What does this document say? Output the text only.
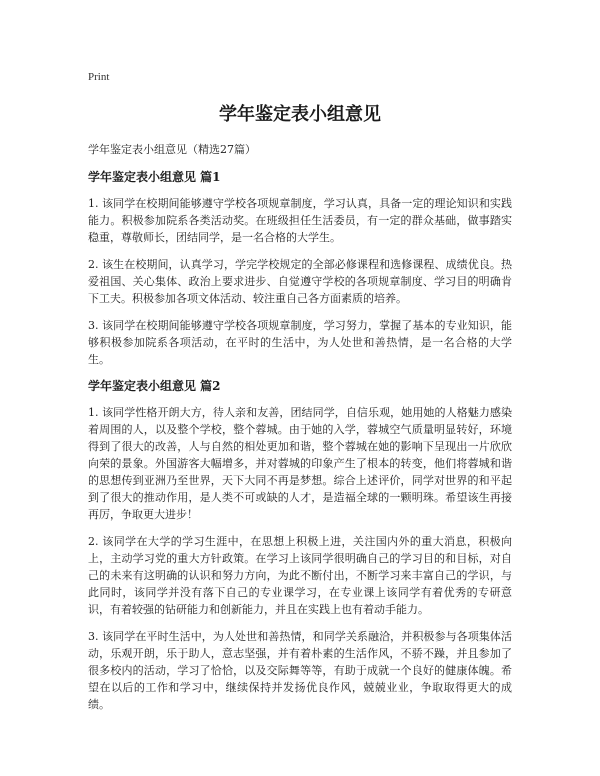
Print
学年鉴定表小组意见
学年鉴定表小组意见（精选27篇）
学年鉴定表小组意见 篇1

1. 该同学在校期间能够遵守学校各项规章制度，学习认真，具备一定的理论知识和实践能力。积极参加院系各类活动奖。在班级担任生活委员，有一定的群众基础，做事踏实稳重，尊敬师长，团结同学，是一名合格的大学生。

2. 该生在校期间，认真学习，学完学校规定的全部必修课程和选修课程、成绩优良。热爱祖国、关心集体、政治上要求进步、自觉遵守学校的各项规章制度、学习目的明确肯下工夫。积极参加各项文体活动、较注重自己各方面素质的培养。

3. 该同学在校期间能够遵守学校各项规章制度，学习努力，掌握了基本的专业知识，能够积极参加院系各项活动，在平时的生活中，为人处世和善热情，是一名合格的大学生。

学年鉴定表小组意见 篇2

1. 该同学性格开朗大方，待人亲和友善，团结同学，自信乐观，她用她的人格魅力感染着周围的人，以及整个学校，整个蓉城。由于她的入学，蓉城空气质量明显转好，环境得到了很大的改善，人与自然的相处更加和谐，整个蓉城在她的影响下呈现出一片欣欣向荣的景象。外国游客大幅增多，并对蓉城的印象产生了根本的转变，他们将蓉城和谐的思想传到亚洲乃至世界，天下大同不再是梦想。综合上述评价，同学对世界的和平起到了很大的推动作用，是人类不可或缺的人才，是造福全球的一颗明珠。希望该生再接再厉，争取更大进步！

2. 该同学在大学的学习生涯中，在思想上积极上进，关注国内外的重大消息，积极向上，主动学习党的重大方针政策。在学习上该同学很明确自己的学习目的和目标，对自己的未来有这明确的认识和努力方向，为此不断付出，不断学习来丰富自己的学识，与此同时，该同学并没有落下自己的专业课学习，在专业课上该同学有着优秀的专研意识，有着较强的钻研能力和创新能力，并且在实践上也有着动手能力。

3. 该同学在平时生活中，为人处世和善热情，和同学关系融洽，并积极参与各项集体活动，乐观开朗，乐于助人，意志坚强，并有着朴素的生活作风，不骄不躁，并且参加了很多校内的活动，学习了恰恰，以及交际舞等等，有助于成就一个良好的健康体魄。希望在以后的工作和学习中，继续保持并发扬优良作风，兢兢业业，争取取得更大的成绩。
